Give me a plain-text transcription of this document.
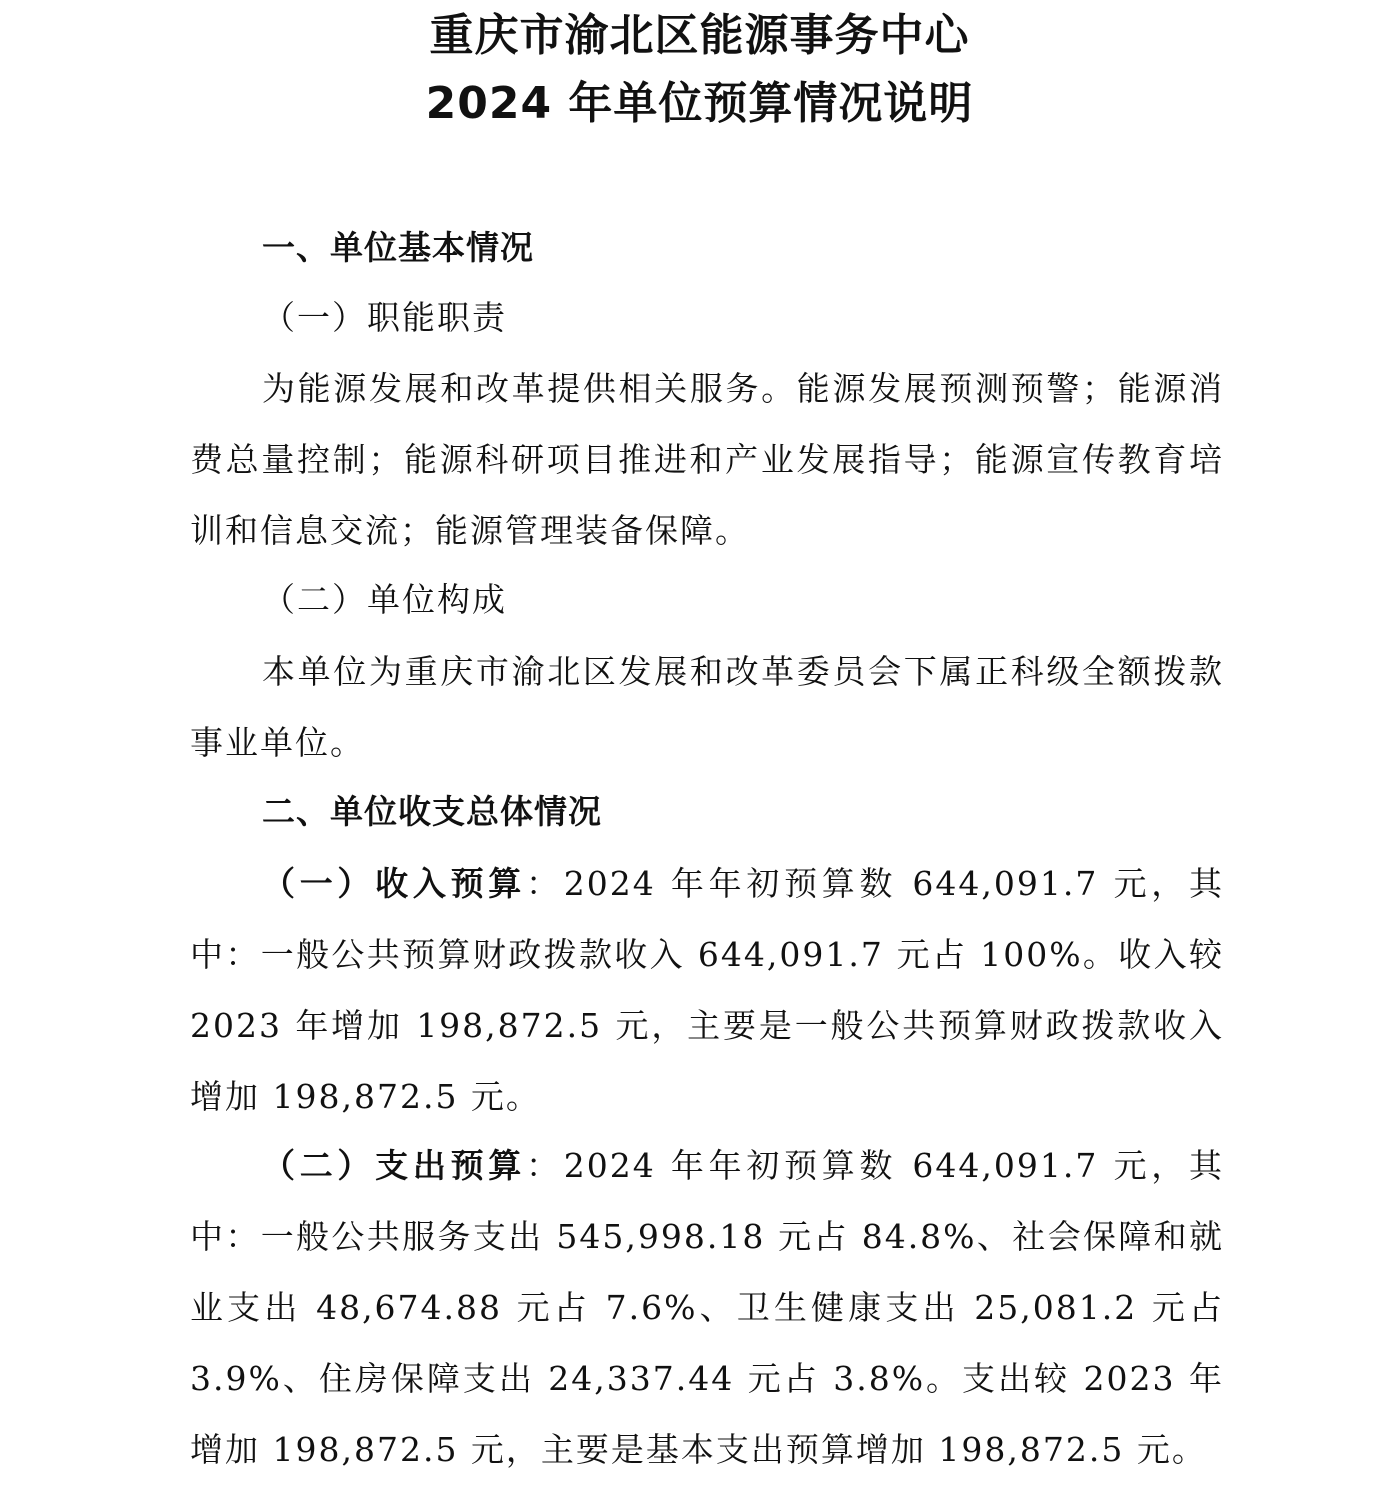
重庆市渝北区能源事务中心
2024 年单位预算情况说明
一、单位基本情况
（一）职能职责

为能源发展和改革提供相关服务。能源发展预测预警；能源消费总量控制；能源科研项目推进和产业发展指导；能源宣传教育培训和信息交流；能源管理装备保障。

（二）单位构成

本单位为重庆市渝北区发展和改革委员会下属正科级全额拨款事业单位。

二、单位收支总体情况

（一）收入预算：2024 年年初预算数 644,091.7 元，其中：一般公共预算财政拨款收入 644,091.7 元占 100%。收入较 2023 年增加 198,872.5 元，主要是一般公共预算财政拨款收入增加 198,872.5 元。

（二）支出预算：2024 年年初预算数 644,091.7 元，其中：一般公共服务支出 545,998.18 元占 84.8%、社会保障和就业支出 48,674.88 元占 7.6%、卫生健康支出 25,081.2 元占 3.9%、住房保障支出 24,337.44 元占 3.8%。支出较 2023 年增加 198,872.5 元，主要是基本支出预算增加 198,872.5 元。
